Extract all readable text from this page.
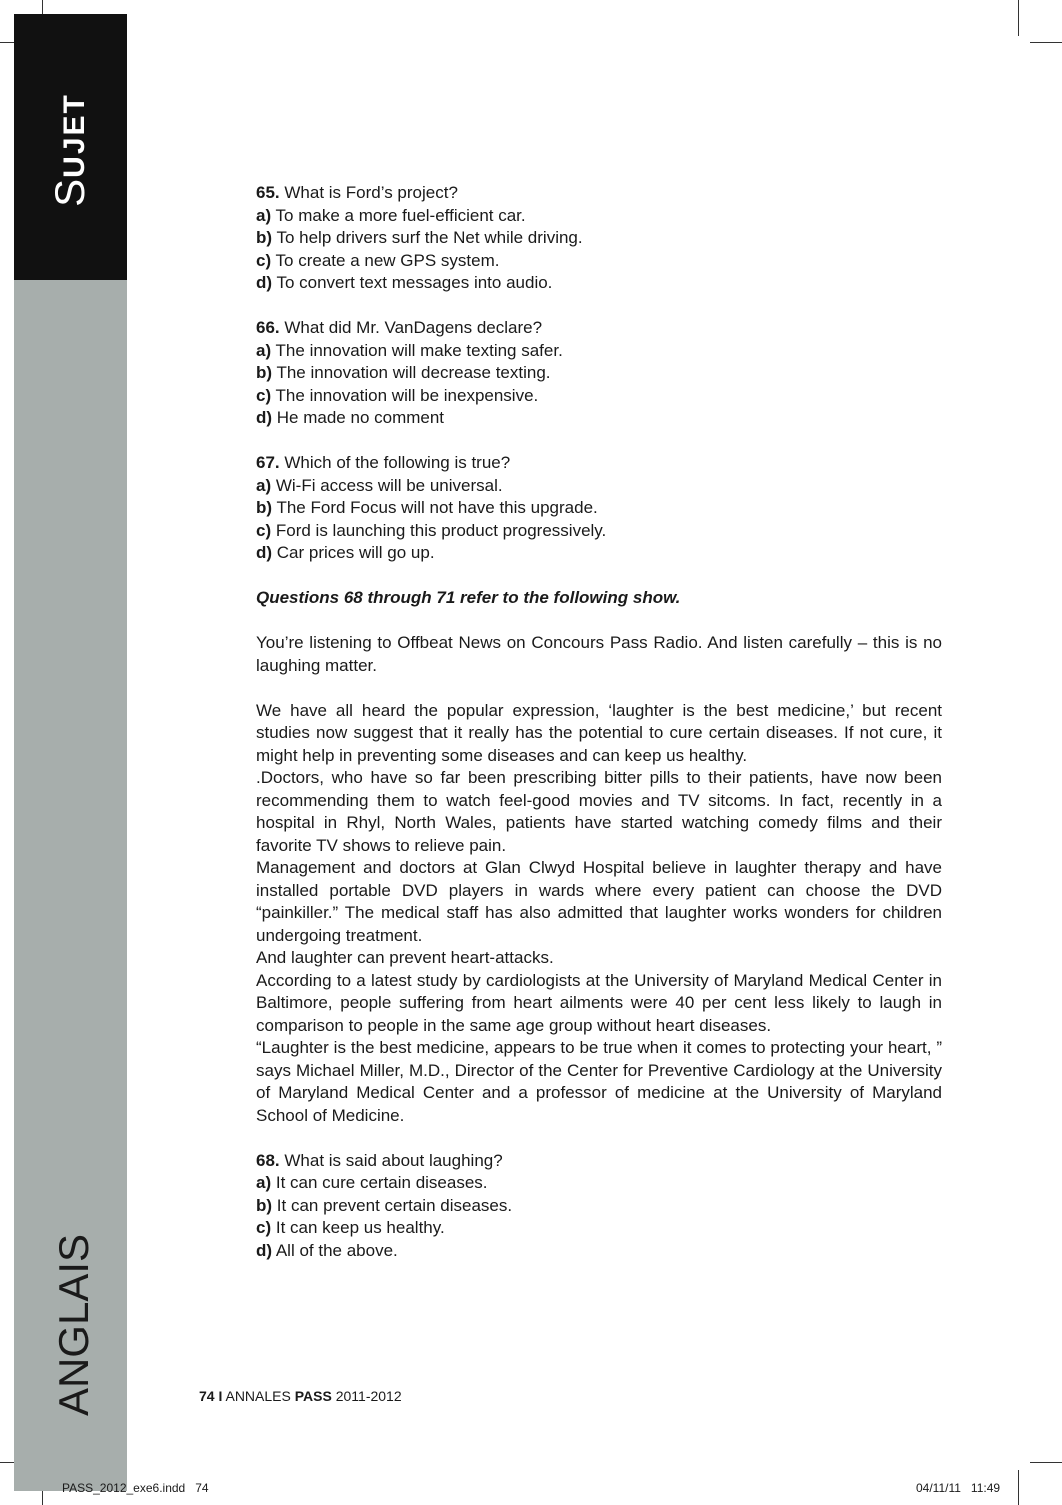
SUJET
ANGLAIS
65. What is Ford’s project?
a) To make a more fuel-efficient car.
b) To help drivers surf the Net while driving.
c) To create a new GPS system.
d) To convert text messages into audio.
66. What did Mr. VanDagens declare?
a) The innovation will make texting safer.
b) The innovation will decrease texting.
c) The innovation will be inexpensive.
d) He made no comment
67. Which of the following is true?
a) Wi-Fi access will be universal.
b) The Ford Focus will not have this upgrade.
c) Ford is launching this product progressively.
d) Car prices will go up.
Questions 68 through 71 refer to the following show.

You’re listening to Offbeat News on Concours Pass Radio. And listen carefully – this is no laughing matter.

We have all heard the popular expression, ‘laughter is the best medicine,’ but recent studies now suggest that it really has the potential to cure certain diseases. If not cure, it might help in preventing some diseases and can keep us healthy.

.Doctors, who have so far been prescribing bitter pills to their patients, have now been recommending them to watch feel-good movies and TV sitcoms. In fact, recently in a hospital in Rhyl, North Wales, patients have started watching comedy films and their favorite TV shows to relieve pain.

Management and doctors at Glan Clwyd Hospital believe in laughter therapy and have installed portable DVD players in wards where every patient can choose the DVD “painkiller.” The medical staff has also admitted that laughter works wonders for children undergoing treatment.

And laughter can prevent heart-attacks.

According to a latest study by cardiologists at the University of Maryland Medical Center in Baltimore, people suffering from heart ailments were 40 per cent less likely to laugh in comparison to people in the same age group without heart diseases.

“Laughter is the best medicine, appears to be true when it comes to protecting your heart, ” says Michael Miller, M.D., Director of the Center for Preventive Cardiology at the University of Maryland Medical Center and a professor of medicine at the University of Maryland School of Medicine.

68. What is said about laughing?
a) It can cure certain diseases.
b) It can prevent certain diseases.
c) It can keep us healthy.
d) All of the above.
74 I ANNALES PASS 2011-2012
PASS_2012_exe6.indd   74	04/11/11   11:49
